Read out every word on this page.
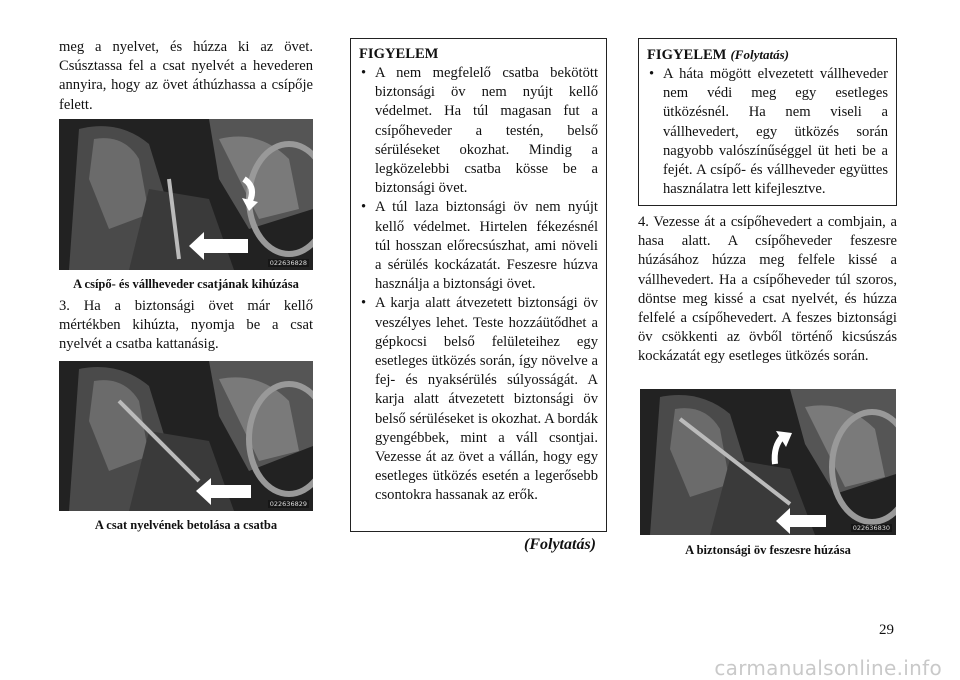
meg a nyelvet, és húzza ki az övet. Csúsztassa fel a csat nyelvét a hevederen annyira, hogy az övet áthúzhassa a csípője felett.

022636828

A csípő- és vállheveder csatjának kihúzása

3. Ha a biztonsági övet már kellő mértékben kihúzta, nyomja be a csat nyelvét a csatba kattanásig.

022636829

A csat nyelvének betolása a csatba

FIGYELEM

• A nem megfelelő csatba bekötött biztonsági öv nem nyújt kellő védelmet. Ha túl magasan fut a csípőheveder a testén, belső sérüléseket okozhat. Mindig a legközelebbi csatba kösse be a biztonsági övet.
• A túl laza biztonsági öv nem nyújt kellő védelmet. Hirtelen fékezésnél túl hosszan előrecsúszhat, ami növeli a sérülés kockázatát. Feszesre húzva használja a biztonsági övet.
• A karja alatt átvezetett biztonsági öv veszélyes lehet. Teste hozzáütődhet a gépkocsi belső felületeihez egy esetleges ütközés során, így növelve a fej- és nyaksérülés súlyosságát. A karja alatt átvezetett biztonsági öv belső sérüléseket is okozhat. A bordák gyengébbek, mint a váll csontjai. Vezesse át az övet a vállán, hogy egy esetleges ütközés esetén a legerősebb csontokra hassanak az erők.
(Folytatás)

FIGYELEM (Folytatás)

• A háta mögött elvezetett vállheveder nem védi meg egy esetleges ütközésnél. Ha nem viseli a vállhevedert, egy ütközés során nagyobb valószínűséggel üt heti be a fejét. A csípő- és vállheveder együttes használatra lett kifejlesztve.

4. Vezesse át a csípőhevedert a combjain, a hasa alatt. A csípőheveder feszesre húzásához húzza meg felfele kissé a vállhevedert. Ha a csípőheveder túl szoros, döntse meg kissé a csat nyelvét, és húzza felfelé a csípőhevedert. A feszes biztonsági öv csökkenti az övből történő kicsúszás kockázatát egy esetleges ütközés során.

022636830

A biztonsági öv feszesre húzása

29
carmanualsonline.info
